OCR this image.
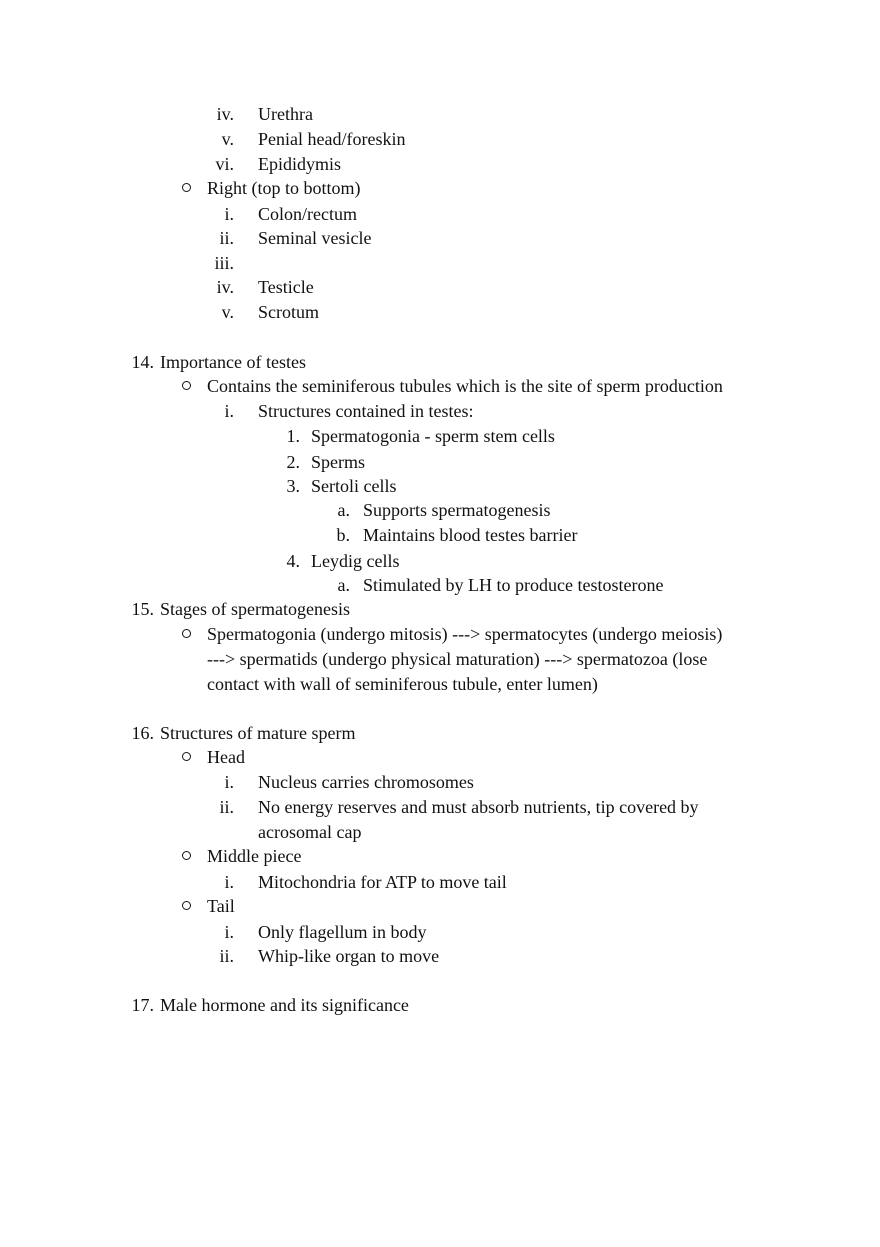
iv. Urethra
v. Penial head/foreskin
vi. Epididymis
Right (top to bottom)
i. Colon/rectum
ii. Seminal vesicle
iii.
iv. Testicle
v. Scrotum
14. Importance of testes
Contains the seminiferous tubules which is the site of sperm production
i. Structures contained in testes:
1. Spermatogonia - sperm stem cells
2. Sperms
3. Sertoli cells
a. Supports spermatogenesis
b. Maintains blood testes barrier
4. Leydig cells
a. Stimulated by LH to produce testosterone
15. Stages of spermatogenesis
Spermatogonia (undergo mitosis) ---> spermatocytes (undergo meiosis)
---> spermatids (undergo physical maturation) ---> spermatozoa (lose
contact with wall of seminiferous tubule, enter lumen)
16. Structures of mature sperm
Head
i. Nucleus carries chromosomes
ii. No energy reserves and must absorb nutrients, tip covered by
acrosomal cap
Middle piece
i. Mitochondria for ATP to move tail
Tail
i. Only flagellum in body
ii. Whip-like organ to move
17. Male hormone and its significance
